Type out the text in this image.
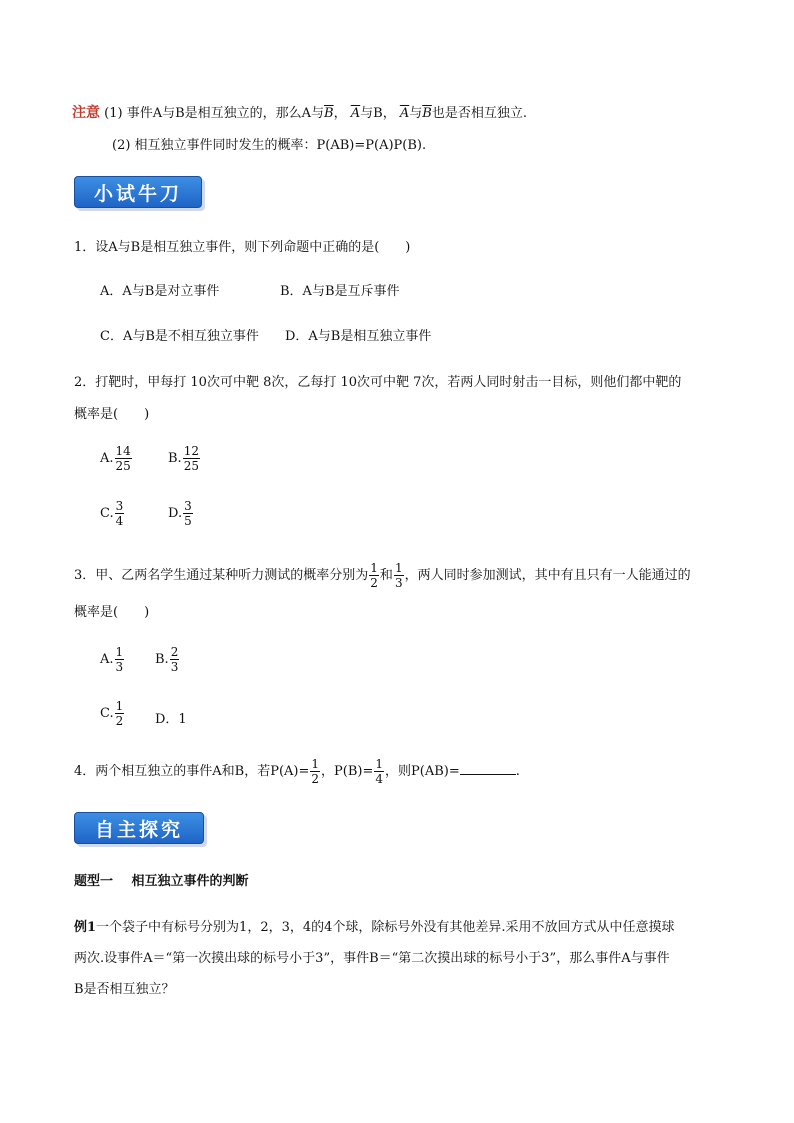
注意 (1) 事件A与B是相互独立的，那么A与$\overline{B}$， $\overline{A}$与B， $\overline{A}$与$\overline{B}$也是否相互独立.
(2) 相互独立事件同时发生的概率：P(AB)=P(A)P(B).
小试牛刀
1．设A与B是相互独立事件，则下列命题中正确的是(　　)
A．A与B是对立事件	B．A与B是互斥事件
C．A与B是不相互独立事件 D．A与B是相互独立事件
2．打靶时，甲每打 10次可中靶 8次，乙每打 10次可中靶 7次，若两人同时射击一目标，则他们都中靶的
概率是(　　)
A. $\frac{14}{25}$	B. $\frac{12}{25}$
C. $\frac{3}{4}$	D. $\frac{3}{5}$
3．甲、乙两名学生通过某种听力测试的概率分别为 $\frac{1}{2}$ 和 $\frac{1}{3}$ ，两人同时参加测试，其中有且只有一人能通过的
概率是(　　)
A. $\frac{1}{3} B$. $\frac{2}{3}$
C. $\frac{1}{2}$ D．1
4．两个相互独立的事件A和B，若$P(A)= \frac{1}{2}$ ，$P(B)= \frac{1}{4}$ ，则P(AB)=	.
自主探究
题型一 相互独立事件的判断
例1一个袋子中有标号分别为1，2，3，4的4个球，除标号外没有其他差异.采用不放回方式从中任意摸球
两次.设事件A＝“第一次摸出球的标号小于3”，事件B＝“第二次摸出球的标号小于3”，那么事件A与事件
B是否相互独立？
